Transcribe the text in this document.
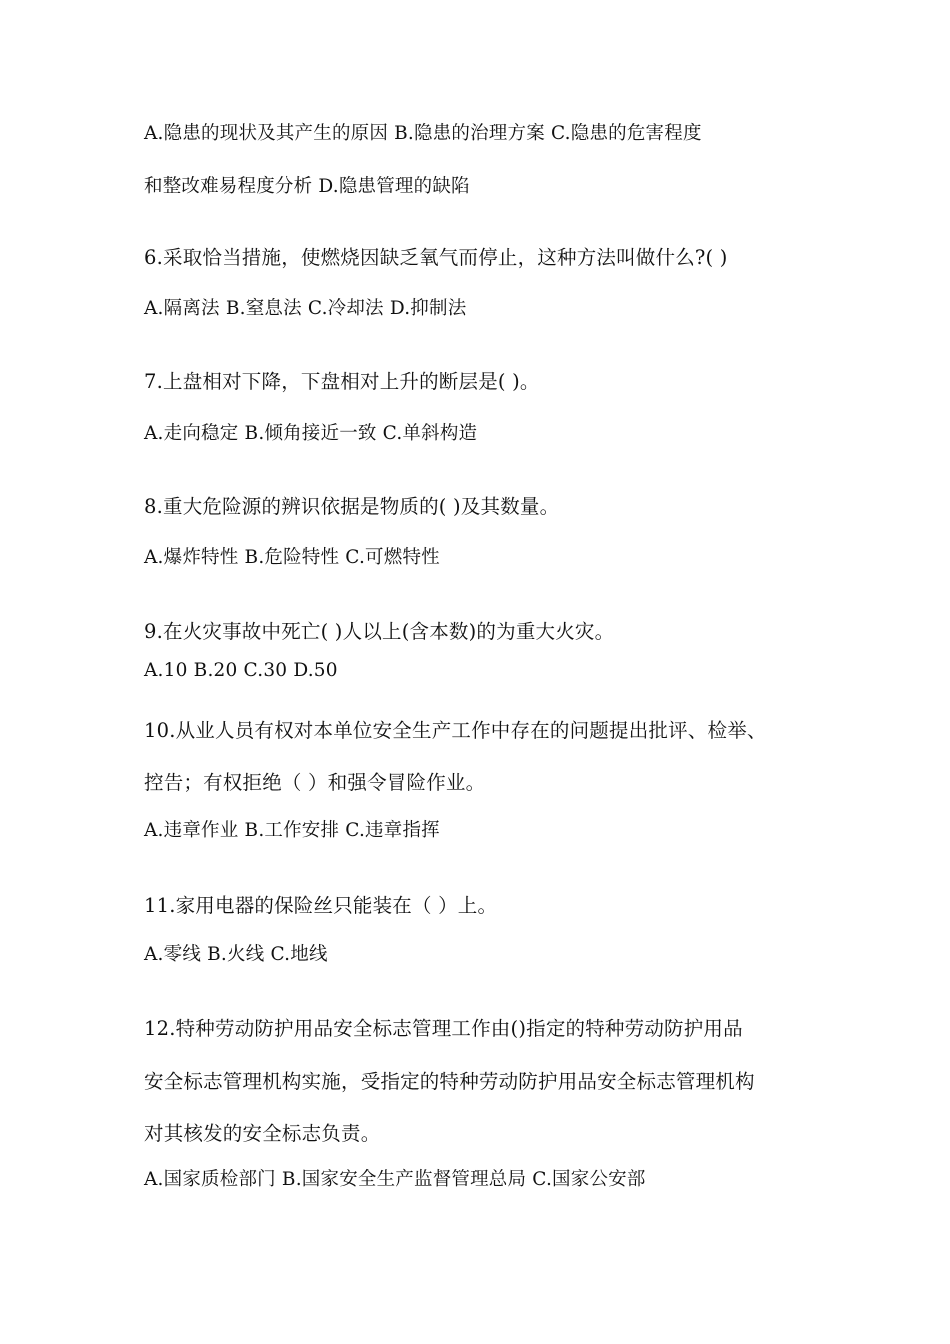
A.隐患的现状及其产生的原因 B.隐患的治理方案 C.隐患的危害程度
和整改难易程度分析 D.隐患管理的缺陷
6.采取恰当措施，使燃烧因缺乏氧气而停止，这种方法叫做什么?( )
A.隔离法 B.窒息法 C.冷却法 D.抑制法
7.上盘相对下降，下盘相对上升的断层是( )。
A.走向稳定 B.倾角接近一致 C.单斜构造
8.重大危险源的辨识依据是物质的( )及其数量。
A.爆炸特性 B.危险特性 C.可燃特性
9.在火灾事故中死亡( )人以上(含本数)的为重大火灾。
A.10 B.20 C.30 D.50
10.从业人员有权对本单位安全生产工作中存在的问题提出批评、检举、
控告；有权拒绝（ ）和强令冒险作业。
A.违章作业 B.工作安排 C.违章指挥
11.家用电器的保险丝只能装在（ ）上。
A.零线 B.火线 C.地线
12.特种劳动防护用品安全标志管理工作由()指定的特种劳动防护用品
安全标志管理机构实施，受指定的特种劳动防护用品安全标志管理机构
对其核发的安全标志负责。
A.国家质检部门 B.国家安全生产监督管理总局 C.国家公安部
